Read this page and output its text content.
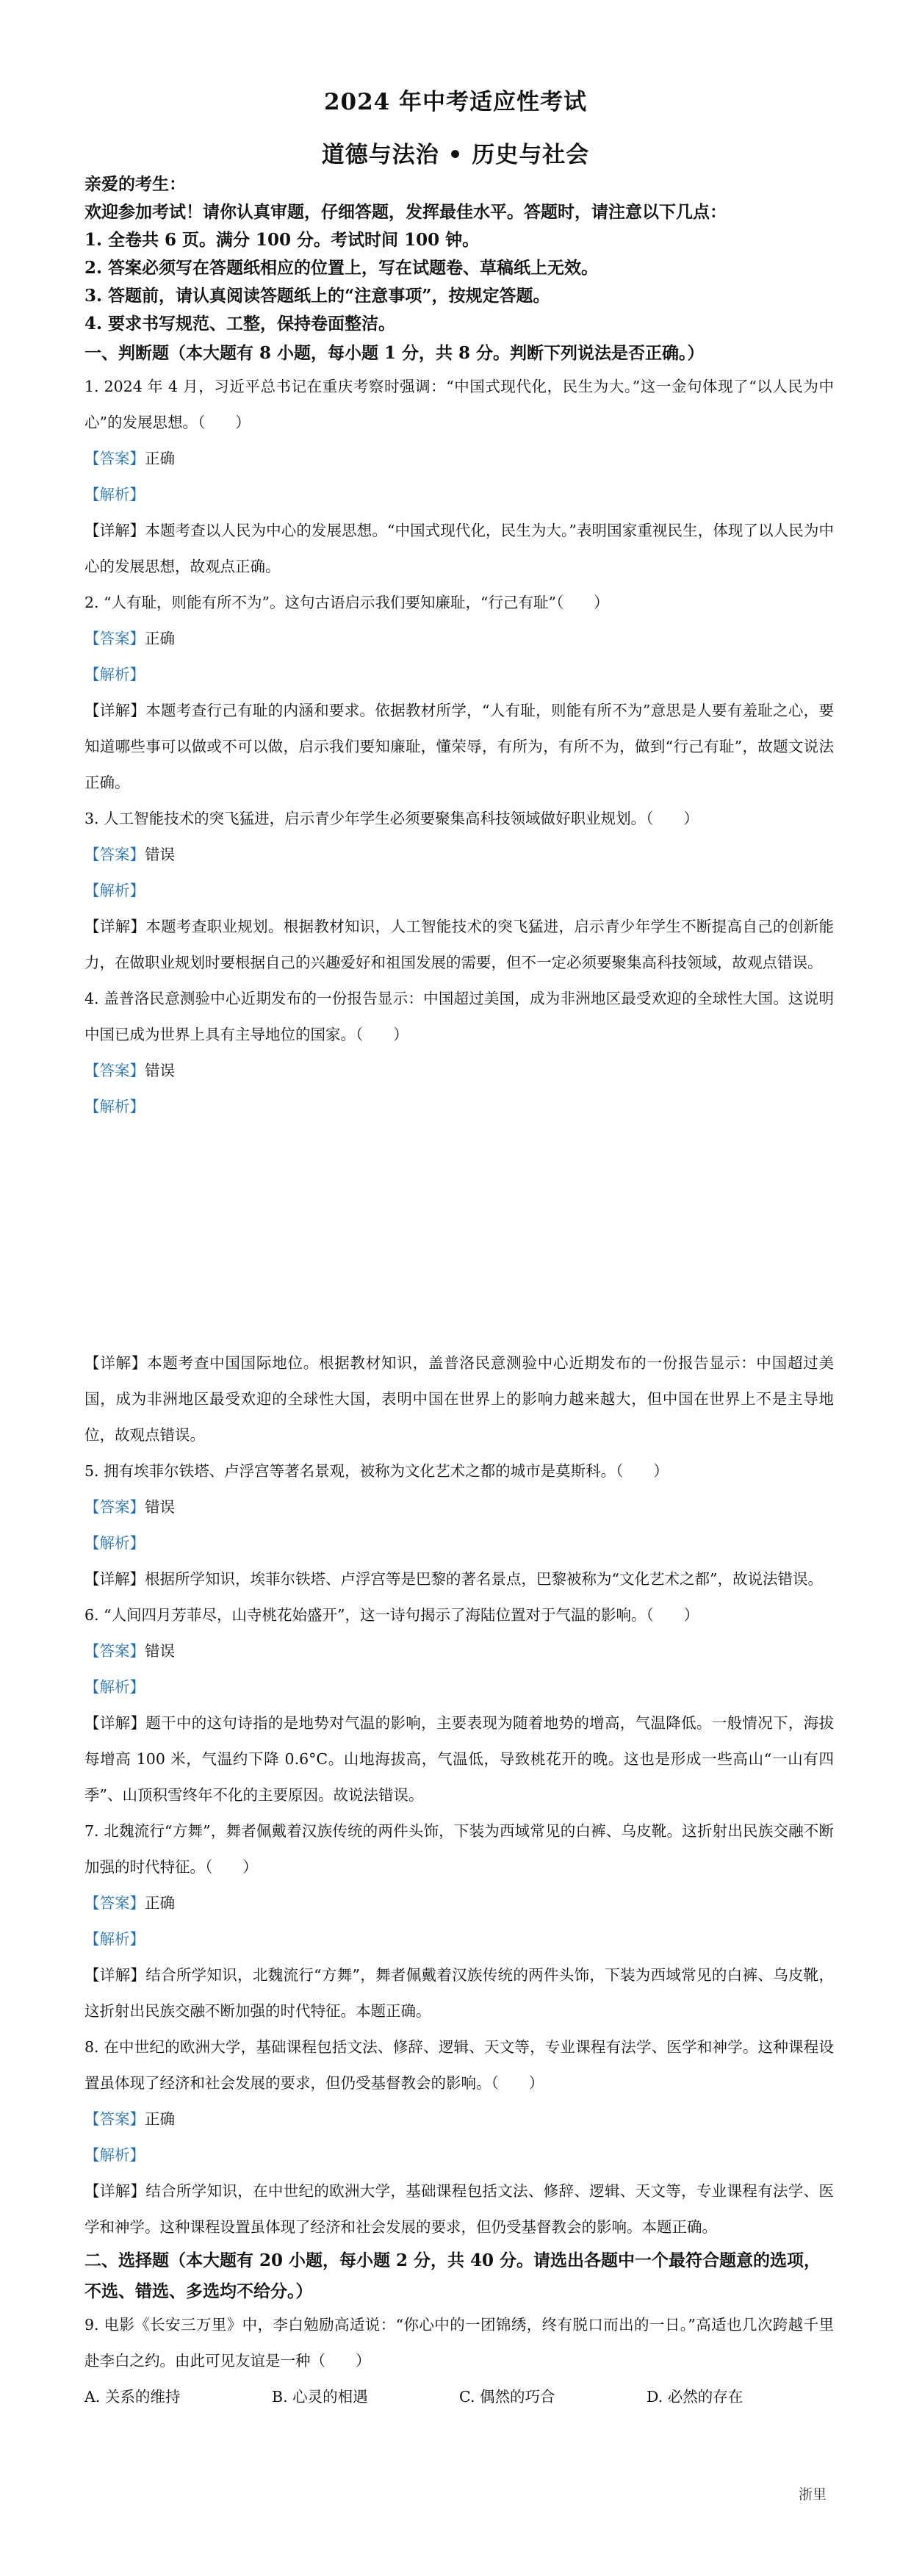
2024 年中考适应性考试
道德与法治 • 历史与社会
亲爱的考生：
欢迎参加考试！请你认真审题，仔细答题，发挥最佳水平。答题时，请注意以下几点：
1. 全卷共 6 页。满分 100 分。考试时间 100 钟。
2. 答案必须写在答题纸相应的位置上，写在试题卷、草稿纸上无效。
3. 答题前，请认真阅读答题纸上的“注意事项”，按规定答题。
4. 要求书写规范、工整，保持卷面整洁。
一、判断题（本大题有 8 小题，每小题 1 分，共 8 分。判断下列说法是否正确。）
1. 2024 年 4 月，习近平总书记在重庆考察时强调：“中国式现代化，民生为大。”这一金句体现了“以人民为中心”的发展思想。（　　）
【答案】正确
【解析】
【详解】本题考查以人民为中心的发展思想。“中国式现代化，民生为大。”表明国家重视民生，体现了以人民为中心的发展思想，故观点正确。
2. “人有耻，则能有所不为”。这句古语启示我们要知廉耻，“行己有耻”（　　）
【答案】正确
【解析】
【详解】本题考查行己有耻的内涵和要求。依据教材所学，“人有耻，则能有所不为”意思是人要有羞耻之心，要知道哪些事可以做或不可以做，启示我们要知廉耻，懂荣辱，有所为，有所不为，做到“行己有耻”，故题文说法正确。
3. 人工智能技术的突飞猛进，启示青少年学生必须要聚集高科技领域做好职业规划。（　　）
【答案】错误
【解析】
【详解】本题考查职业规划。根据教材知识，人工智能技术的突飞猛进，启示青少年学生不断提高自己的创新能力，在做职业规划时要根据自己的兴趣爱好和祖国发展的需要，但不一定必须要聚集高科技领域，故观点错误。
4. 盖普洛民意测验中心近期发布的一份报告显示：中国超过美国，成为非洲地区最受欢迎的全球性大国。这说明中国已成为世界上具有主导地位的国家。（　　）
【答案】错误
【解析】
【详解】本题考查中国国际地位。根据教材知识，盖普洛民意测验中心近期发布的一份报告显示：中国超过美国，成为非洲地区最受欢迎的全球性大国，表明中国在世界上的影响力越来越大，但中国在世界上不是主导地位，故观点错误。
5. 拥有埃菲尔铁塔、卢浮宫等著名景观，被称为文化艺术之都的城市是莫斯科。（　　）
【答案】错误
【解析】
【详解】根据所学知识，埃菲尔铁塔、卢浮宫等是巴黎的著名景点，巴黎被称为“文化艺术之都”，故说法错误。
6. “人间四月芳菲尽，山寺桃花始盛开”，这一诗句揭示了海陆位置对于气温的影响。（　　）
【答案】错误
【解析】
【详解】题干中的这句诗指的是地势对气温的影响，主要表现为随着地势的增高，气温降低。一般情况下，海拔每增高 100 米，气温约下降 0.6°C。山地海拔高，气温低，导致桃花开的晚。这也是形成一些高山“一山有四季”、山顶积雪终年不化的主要原因。故说法错误。
7. 北魏流行“方舞”，舞者佩戴着汉族传统的两件头饰，下装为西域常见的白裤、乌皮靴。这折射出民族交融不断加强的时代特征。（　　）
【答案】正确
【解析】
【详解】结合所学知识，北魏流行“方舞”，舞者佩戴着汉族传统的两件头饰，下装为西域常见的白裤、乌皮靴，这折射出民族交融不断加强的时代特征。本题正确。
8. 在中世纪的欧洲大学，基础课程包括文法、修辞、逻辑、天文等，专业课程有法学、医学和神学。这种课程设置虽体现了经济和社会发展的要求，但仍受基督教会的影响。（　　）
【答案】正确
【解析】
【详解】结合所学知识，在中世纪的欧洲大学，基础课程包括文法、修辞、逻辑、天文等，专业课程有法学、医学和神学。这种课程设置虽体现了经济和社会发展的要求，但仍受基督教会的影响。本题正确。
二、选择题（本大题有 20 小题，每小题 2 分，共 40 分。请选出各题中一个最符合题意的选项，不选、错选、多选均不给分。）
9. 电影《长安三万里》中，李白勉励高适说：“你心中的一团锦绣，终有脱口而出的一日。”高适也几次跨越千里赴李白之约。由此可见友谊是一种（　　）
A. 关系的维持	B. 心灵的相遇	C. 偶然的巧合	D. 必然的存在
浙里
